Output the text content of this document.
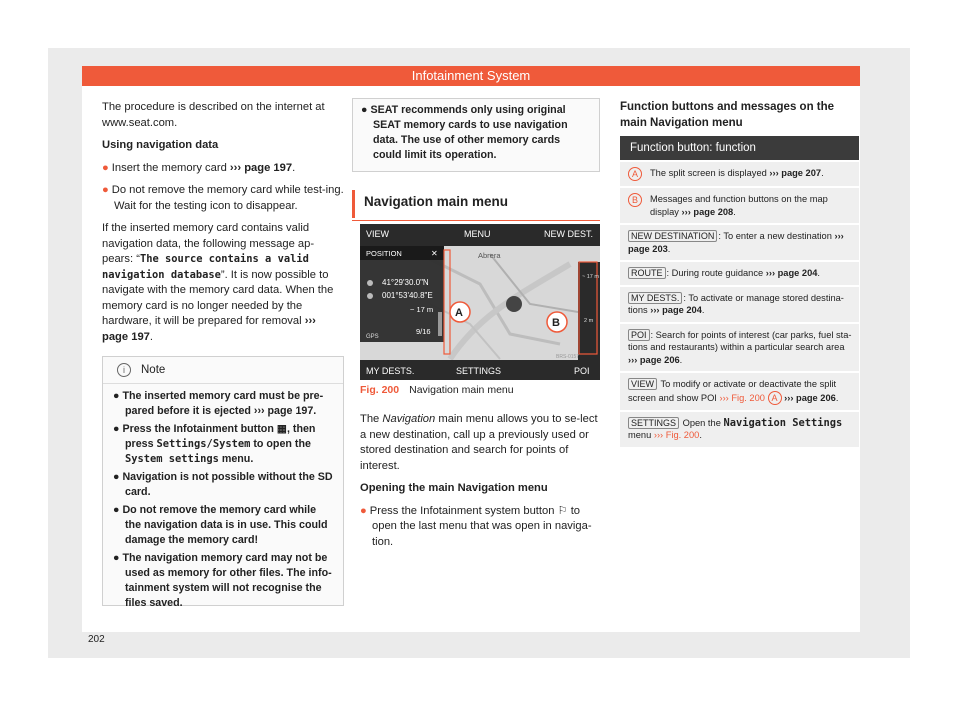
Infotainment System

The procedure is described on the internet at www.seat.com.

Using navigation data

● Insert the memory card ››› page 197.

● Do not remove the memory card while test-ing. Wait for the testing icon to disappear.

If the inserted memory card contains valid navigation data, the following message ap-pears: “The source contains a valid navigation database”. It is now possible to navigate with the memory card data. When the memory card is no longer needed by the hardware, it will be prepared for removal ››› page 197.

i	Note

● The inserted memory card must be pre-pared before it is ejected ››› page 197.

● Press the Infotainment button ▦, then press Settings/System to open the System settings menu.

● Navigation is not possible without the SD card.

● Do not remove the memory card while the navigation data is in use. This could damage the memory card!

● The navigation memory card may not be used as memory for other files. The info-tainment system will not recognise the files saved.

● SEAT recommends only using original SEAT memory cards to use navigation data. The use of other memory cards could limit its operation.

Navigation main menu
VIEW	MENU	NEW DEST.
MY DESTS.	SETTINGS	POI
POSITION	✕
41°29'30.0"N
001°53'40.8"E
~ 17 m
9/16
GPS
Abrera
~ 17 m
2 m
A
B
BRS-0157
Fig. 200 Navigation main menu

The Navigation main menu allows you to se-lect a new destination, call up a previously used or stored destination and search for points of interest.

Opening the main Navigation menu

● Press the Infotainment system button ⚐ to open the last menu that was open in naviga-tion.

Function buttons and messages on the main Navigation menu
Function button: function
A	The split screen is displayed ››› page 207.
B	Messages and function buttons on the map display ››› page 208.
NEW DESTINATION : To enter a new destination ››› page 203.
ROUTE : During route guidance ››› page 204.
MY DESTS. : To activate or manage stored destina-tions ››› page 204.
POI : Search for points of interest (car parks, fuel sta-tions and restaurants) within a particular search area ››› page 206.
VIEW To modify or activate or deactivate the split screen and show POI ››› Fig. 200 A ››› page 206.
SETTINGS Open the Navigation Settings menu ››› Fig. 200.
202
